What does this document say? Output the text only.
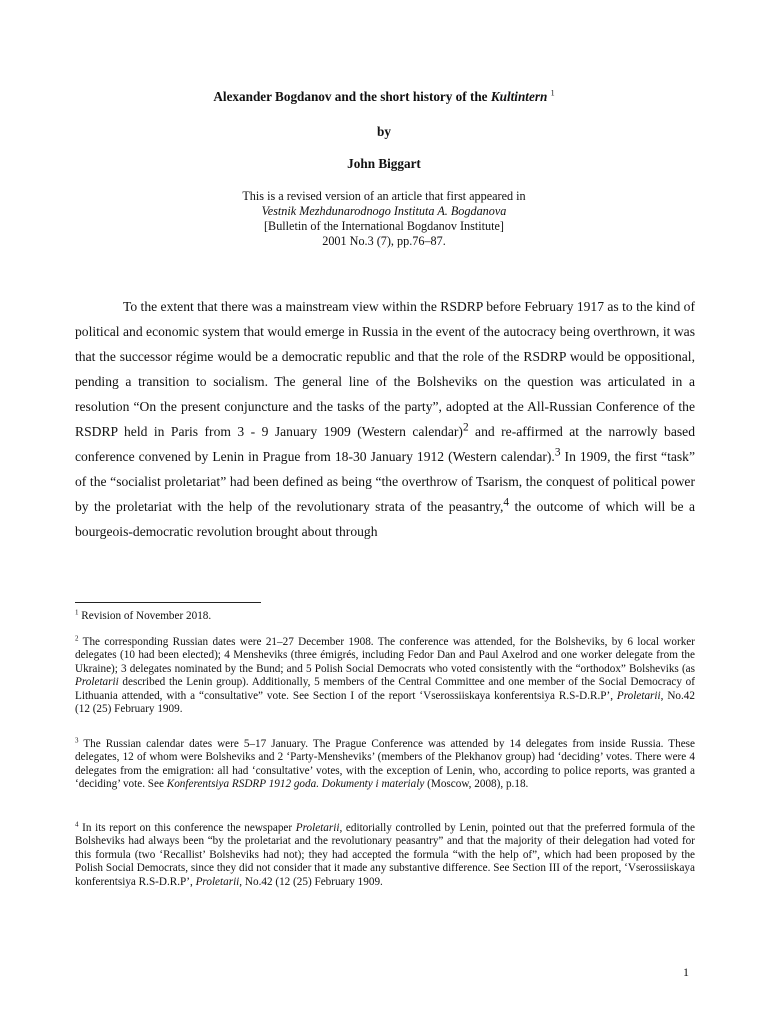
Alexander Bogdanov and the short history of the Kultintern $^1$
by
John Biggart
This is a revised version of an article that first appeared in
Vestnik Mezhdunarodnogo Instituta A. Bogdanova
[Bulletin of the International Bogdanov Institute]
2001 No.3 (7), pp.76–87.

To the extent that there was a mainstream view within the RSDRP before February 1917 as to the kind of political and economic system that would emerge in Russia in the event of the autocracy being overthrown, it was that the successor régime would be a democratic republic and that the role of the RSDRP would be oppositional, pending a transition to socialism. The general line of the Bolsheviks on the question was articulated in a resolution “On the present conjuncture and the tasks of the party”, adopted at the All-Russian Conference of the RSDRP held in Paris from 3 - 9 January 1909 (Western calendar)$^2$ and re-affirmed at the narrowly based conference convened by Lenin in Prague from 18-30 January 1912 (Western calendar).$^3$ In 1909, the first “task” of the “socialist proletariat” had been defined as being “the overthrow of Tsarism, the conquest of political power by the proletariat with the help of the revolutionary strata of the peasantry,$^4$ the outcome of which will be a bourgeois-democratic revolution brought about through

$^1$ Revision of November 2018.

$^2$ The corresponding Russian dates were 21–27 December 1908. The conference was attended, for the Bolsheviks, by 6 local worker delegates (10 had been elected); 4 Mensheviks (three émigrés, including Fedor Dan and Paul Axelrod and one worker delegate from the Ukraine); 3 delegates nominated by the Bund; and 5 Polish Social Democrats who voted consistently with the “orthodox” Bolsheviks (as Proletarii described the Lenin group). Additionally, 5 members of the Central Committee and one member of the Social Democracy of Lithuania attended, with a “consultative” vote. See Section I of the report ‘Vserossiiskaya konferentsiya R.S-D.R.P’, Proletarii, No.42 (12 (25) February 1909.

$^3$ The Russian calendar dates were 5–17 January. The Prague Conference was attended by 14 delegates from inside Russia. These delegates, 12 of whom were Bolsheviks and 2 ‘Party-Mensheviks’ (members of the Plekhanov group) had ‘deciding’ votes. There were 4 delegates from the emigration: all had ‘consultative’ votes, with the exception of Lenin, who, according to police reports, was granted a ‘deciding’ vote. See Konferentsiya RSDRP 1912 goda. Dokumenty i materialy (Moscow, 2008), p.18.

$^4$ In its report on this conference the newspaper Proletarii, editorially controlled by Lenin, pointed out that the preferred formula of the Bolsheviks had always been “by the proletariat and the revolutionary peasantry” and that the majority of their delegation had voted for this formula (two ‘Recallist’ Bolsheviks had not); they had accepted the formula “with the help of”, which had been proposed by the Polish Social Democrats, since they did not consider that it made any substantive difference. See Section III of the report, ‘Vserossiiskaya konferentsiya R.S-D.R.P’, Proletarii, No.42 (12 (25) February 1909.

1
